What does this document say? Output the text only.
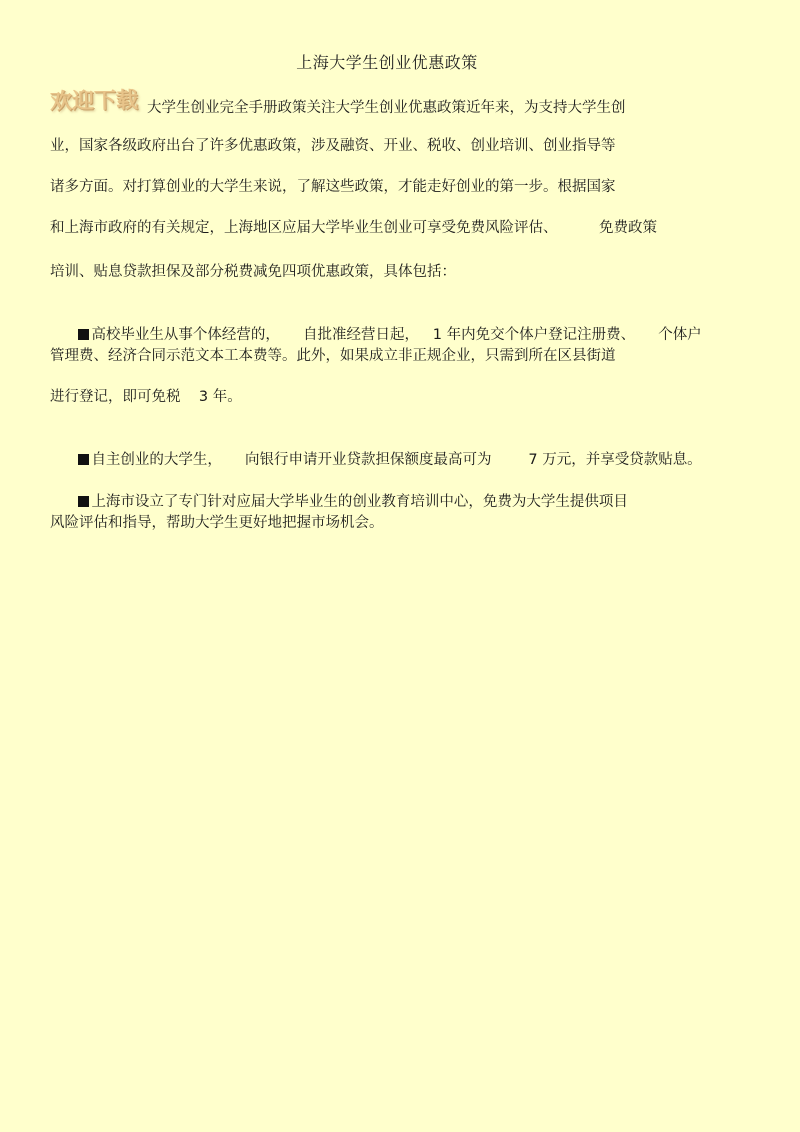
上海大学生创业优惠政策
欢迎下载 大学生创业完全手册政策关注大学生创业优惠政策近年来，为支持大学生创
业，国家各级政府出台了许多优惠政策，涉及融资、开业、税收、创业培训、创业指导等
诸多方面。对打算创业的大学生来说，了解这些政策，才能走好创业的第一步。根据国家
和上海市政府的有关规定，上海地区应届大学毕业生创业可享受免费风险评估、         免费政策
培训、贴息贷款担保及部分税费减免四项优惠政策，具体包括：

高校毕业生从事个体经营的，     自批准经营日起，   1 年内免交个体户登记注册费、     个体户

管理费、经济合同示范文本工本费等。此外，如果成立非正规企业，只需到所在区县街道
进行登记，即可免税    3 年。

自主创业的大学生，     向银行申请开业贷款担保额度最高可为        7 万元，并享受贷款贴息。

上海市设立了专门针对应届大学毕业生的创业教育培训中心，免费为大学生提供项目

风险评估和指导，帮助大学生更好地把握市场机会。
